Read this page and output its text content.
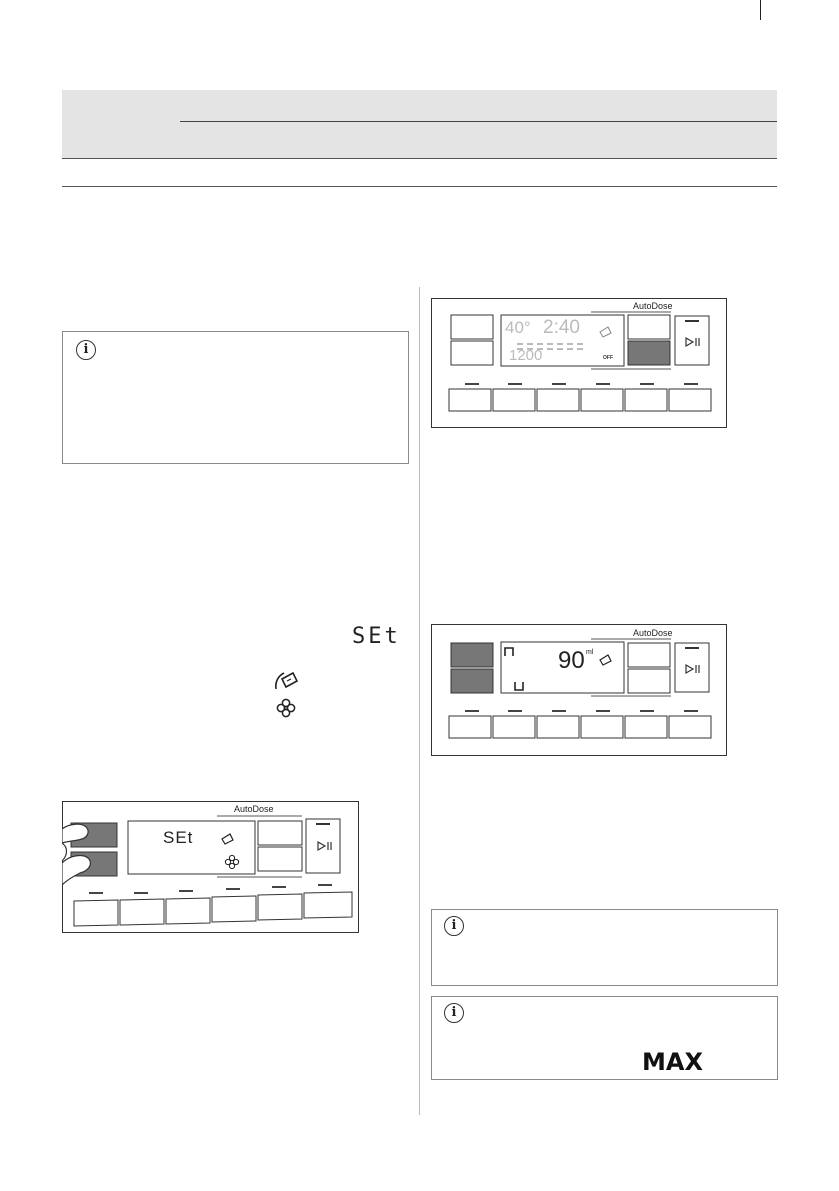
i
SEt
AutoDose
40° 2:40
1200	OFF
AutoDose
90 ml
AutoDose
SEt
i
i
MAX
